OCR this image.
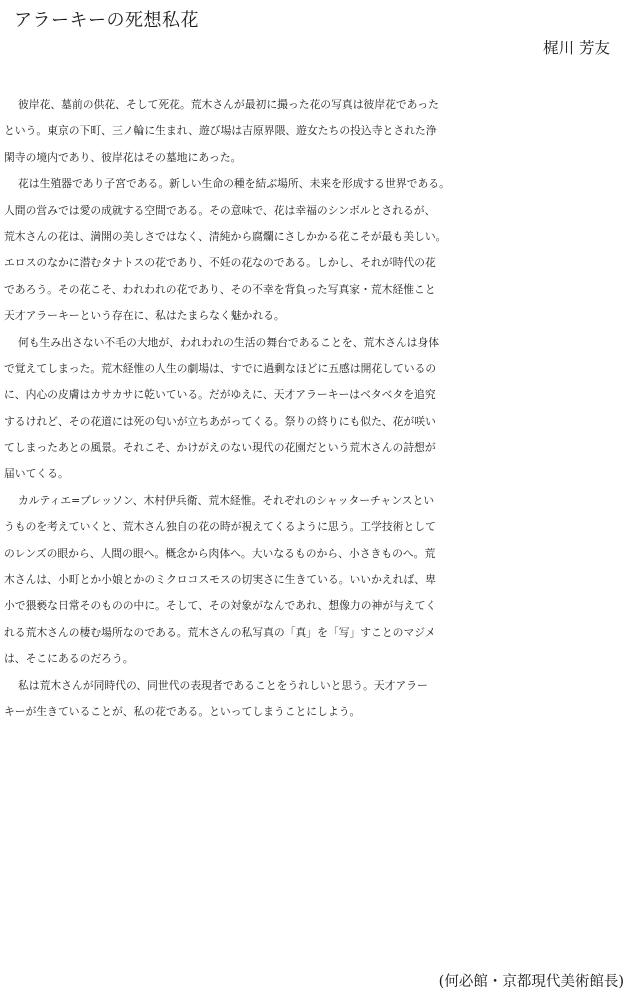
アラーキーの死想私花

梶川 芳友

彼岸花、墓前の供花、そして死花。荒木さんが最初に撮った花の写真は彼岸花であった
という。東京の下町、三ノ輪に生まれ、遊び場は吉原界隈、遊女たちの投込寺とされた浄
閑寺の境内であり、彼岸花はその墓地にあった。
花は生殖器であり子宮である。新しい生命の種を結ぶ場所、未来を形成する世界である。
人間の営みでは愛の成就する空間である。その意味で、花は幸福のシンボルとされるが、
荒木さんの花は、満開の美しさではなく、清純から腐爛にさしかかる花こそが最も美しい。
エロスのなかに潜むタナトスの花であり、不妊の花なのである。しかし、それが時代の花
であろう。その花こそ、われわれの花であり、その不幸を背負った写真家・荒木経惟こと
天才アラーキーという存在に、私はたまらなく魅かれる。
何も生み出さない不毛の大地が、われわれの生活の舞台であることを、荒木さんは身体
で覚えてしまった。荒木経惟の人生の劇場は、すでに過剰なほどに五感は開花しているの
に、内心の皮膚はカサカサに乾いている。だがゆえに、天才アラーキーはベタベタを追究
するけれど、その花道には死の匂いが立ちあがってくる。祭りの終りにも似た、花が咲い
てしまったあとの風景。それこそ、かけがえのない現代の花園だという荒木さんの詩想が
届いてくる。
カルティエ=ブレッソン、木村伊兵衛、荒木経惟。それぞれのシャッターチャンスとい
うものを考えていくと、荒木さん独自の花の時が視えてくるように思う。工学技術として
のレンズの眼から、人間の眼へ。概念から肉体へ。大いなるものから、小さきものへ。荒
木さんは、小町とか小娘とかのミクロコスモスの切実さに生きている。いいかえれば、卑
小で猥褻な日常そのものの中に。そして、その対象がなんであれ、想像力の神が与えてく
れる荒木さんの棲む場所なのである。荒木さんの私写真の「真」を「写」すことのマジメ
は、そこにあるのだろう。
私は荒木さんが同時代の、同世代の表現者であることをうれしいと思う。天才アラー
キーが生きていることが、私の花である。といってしまうことにしよう。

(何必館・京都現代美術館長)
